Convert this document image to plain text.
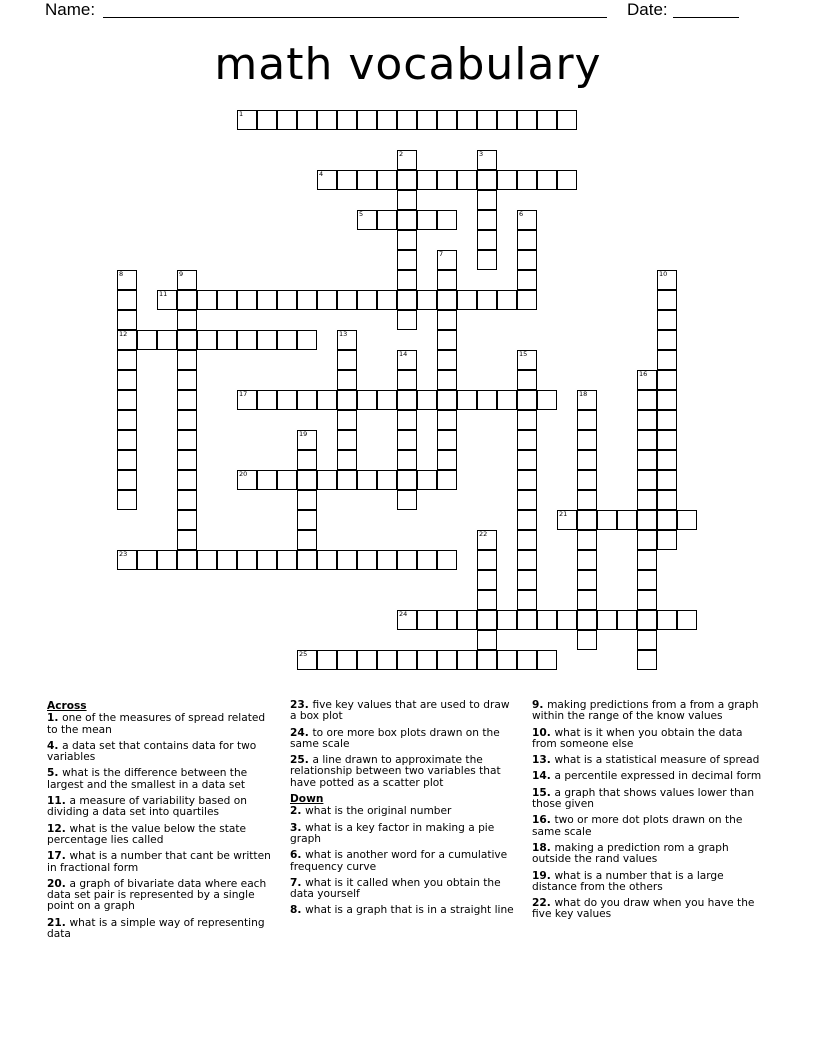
Name:	Date:
math vocabulary
1
2	3
4
5	6
7
8
12
9	10
11
13
14	15
16
17	18
19
20
21
22
23
24
25
Across
1. one of the measures of spread related to the mean
4. a data set that contains data for two variables
5. what is the difference between the largest and the smallest in a data set
11. a measure of variability based on dividing a data set into quartiles
12. what is the value below the state percentage lies called
17. what is a number that cant be written in fractional form
20. a graph of bivariate data where each data set pair is represented by a single point on a graph
21. what is a simple way of representing data
23. five key values that are used to draw a box plot
24. to ore more box plots drawn on the same scale
25. a line drawn to approximate the relationship between two variables that have potted as a scatter plot
Down
2. what is the original number
3. what is a key factor in making a pie graph
6. what is another word for a cumulative frequency curve
7. what is it called when you obtain the data yourself
8. what is a graph that is in a straight line
9. making predictions from a from a graph within the range of the know values
10. what is it when you obtain the data from someone else
13. what is a statistical measure of spread
14. a percentile expressed in decimal form
15. a graph that shows values lower than those given
16. two or more dot plots drawn on the same scale
18. making a prediction rom a graph outside the rand values
19. what is a number that is a large distance from the others
22. what do you draw when you have the five key values
